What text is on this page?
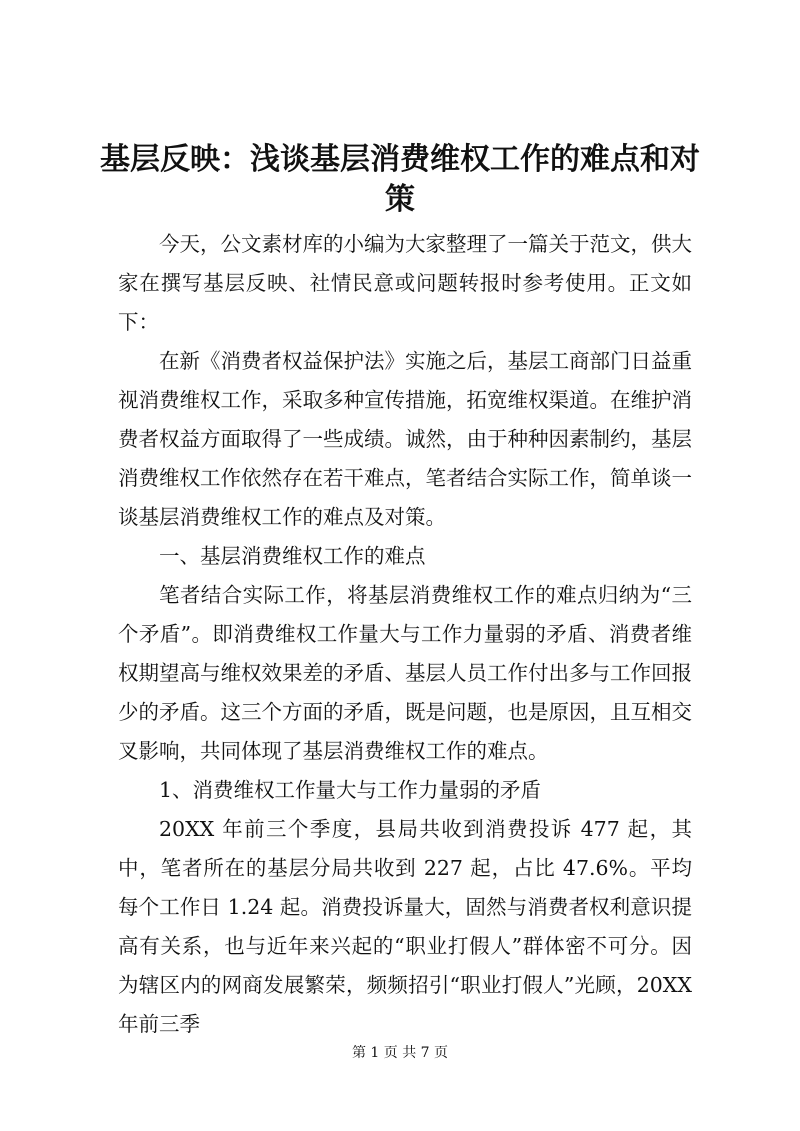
基层反映：浅谈基层消费维权工作的难点和对策

今天，公文素材库的小编为大家整理了一篇关于范文，供大家在撰写基层反映、社情民意或问题转报时参考使用。正文如下：

在新《消费者权益保护法》实施之后，基层工商部门日益重视消费维权工作，采取多种宣传措施，拓宽维权渠道。在维护消费者权益方面取得了一些成绩。诚然，由于种种因素制约，基层消费维权工作依然存在若干难点，笔者结合实际工作，简单谈一谈基层消费维权工作的难点及对策。

一、基层消费维权工作的难点

笔者结合实际工作，将基层消费维权工作的难点归纳为“三个矛盾”。即消费维权工作量大与工作力量弱的矛盾、消费者维权期望高与维权效果差的矛盾、基层人员工作付出多与工作回报少的矛盾。这三个方面的矛盾，既是问题，也是原因，且互相交叉影响，共同体现了基层消费维权工作的难点。

1、消费维权工作量大与工作力量弱的矛盾

20XX 年前三个季度，县局共收到消费投诉 477 起，其中，笔者所在的基层分局共收到 227 起，占比 47.6%。平均每个工作日 1.24 起。消费投诉量大，固然与消费者权利意识提高有关系，也与近年来兴起的“职业打假人”群体密不可分。因为辖区内的网商发展繁荣，频频招引“职业打假人”光顾，20XX 年前三季

第 1 页 共 7 页
